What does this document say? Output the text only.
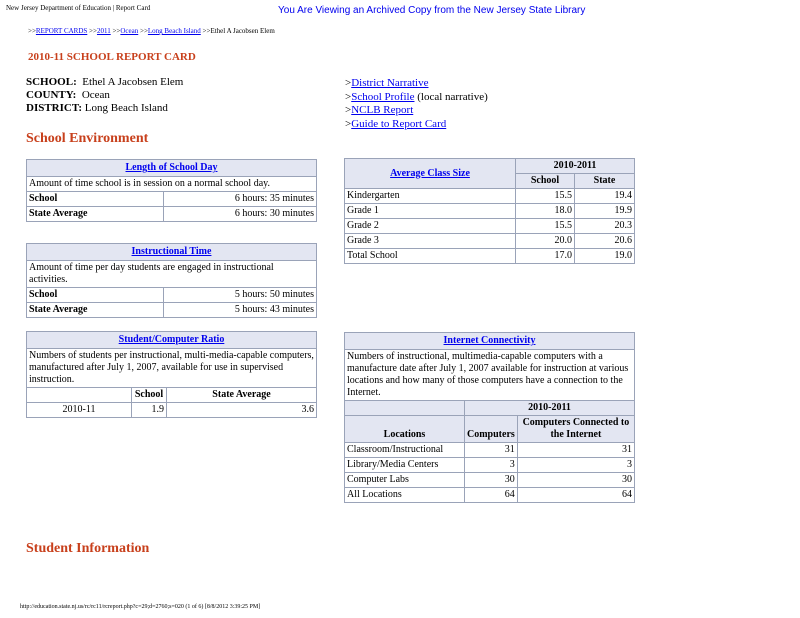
New Jersey Department of Education | Report Card	You Are Viewing an Archived Copy from the New Jersey State Library
>>REPORT CARDS >>2011 >>Ocean >>Long Beach Island >>Ethel A Jacobsen Elem
2010-11 SCHOOL REPORT CARD
SCHOOL: Ethel A Jacobsen Elem
COUNTY: Ocean
DISTRICT: Long Beach Island
>District Narrative
>School Profile (local narrative)
>NCLB Report
>Guide to Report Card
School Environment
Length of School Day	
Amount of time school is in session on a normal school day.	
School	6 hours: 35 minutes
State Average	6 hours: 30 minutes
Instructional Time	
Amount of time per day students are engaged in instructional activities.	
School	5 hours: 50 minutes
State Average	5 hours: 43 minutes
Student/Computer Ratio		
Numbers of students per instructional, multi-media-capable computers, manufactured after July 1, 2007, available for use in supervised instruction.		
	School	State Average
2010-11	1.9	3.6
Average Class Size	2010-2011	
	School	State
Kindergarten	15.5	19.4
Grade 1	18.0	19.9
Grade 2	15.5	20.3
Grade 3	20.0	20.6
Total School	17.0	19.0
Internet Connectivity		
Numbers of instructional, multimedia-capable computers with a manufacture date after July 1, 2007 available for instruction at various locations and how many of those computers have a connection to the Internet.		
	2010-2011	
Locations	Computers	Computers Connected to the Internet
Classroom/Instructional	31	31
Library/Media Centers	3	3
Computer Labs	30	30
All Locations	64	64
Student Information
http://education.state.nj.us/rc/rc11/rcreport.php?c=29;d=2760;s=020 (1 of 6) [8/8/2012 3:39:25 PM]
